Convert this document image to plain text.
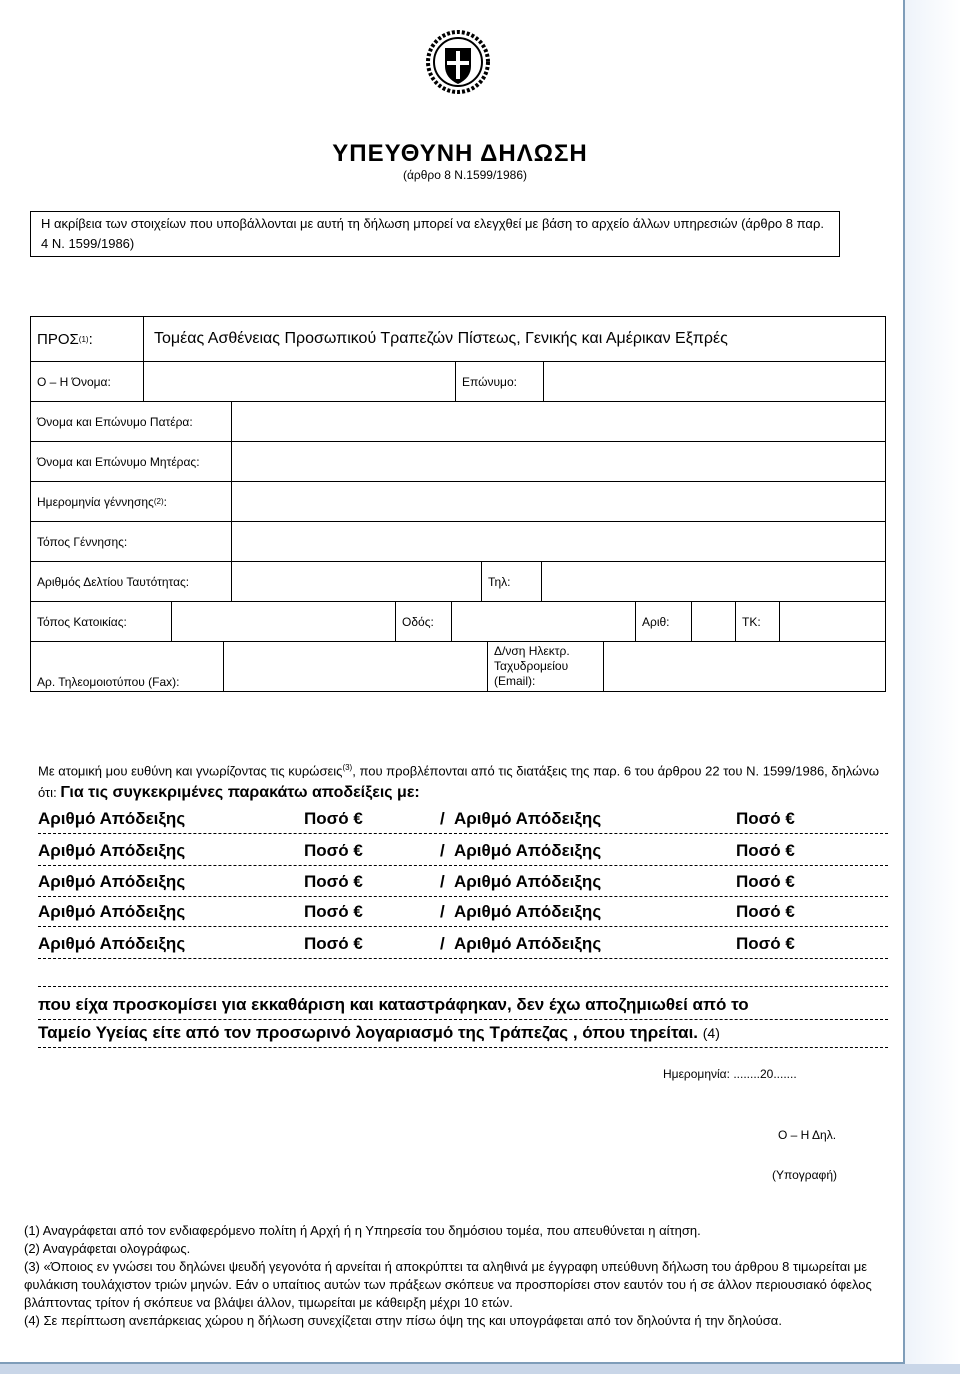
ΥΠΕΥΘΥΝΗ ΔΗΛΩΣΗ
(άρθρο 8 Ν.1599/1986)
Η ακρίβεια των στοιχείων που υποβάλλονται με αυτή τη δήλωση μπορεί να ελεγχθεί με βάση το αρχείο άλλων υπηρεσιών (άρθρο 8 παρ. 4 Ν. 1599/1986)
ΠΡΟΣ (1) :	Τομέας Ασθένειας Προσωπικού Τραπεζών Πίστεως, Γενικής και Αμέρικαν Εξπρές
Ο – Η Όνομα:	Επώνυμο:
Όνομα και Επώνυμο Πατέρα:
Όνομα και Επώνυμο Μητέρας:
Ημερομηνία γέννησης (2) :
Τόπος Γέννησης:
Αριθμός Δελτίου Ταυτότητας:	Τηλ:
Τόπος Κατοικίας:	Οδός:	Αριθ:	ΤΚ:
Αρ. Τηλεομοιοτύπου (Fax):
Δ/νση Ηλεκτρ.
Ταχυδρομείου
(Email):
Με ατομική μου ευθύνη και γνωρίζοντας τις κυρώσεις$^{(3)}$, που προβλέπονται από τις διατάξεις της παρ. 6 του άρθρου 22 του Ν. 1599/1986, δηλώνω ότι: Για τις συγκεκριμένες παρακάτω αποδείξεις με:
Αριθμό Απόδειξης	Ποσό €	/ Αριθμό Απόδειξης	Ποσό €
Αριθμό Απόδειξης	Ποσό €	/ Αριθμό Απόδειξης	Ποσό €
Αριθμό Απόδειξης	Ποσό €	/ Αριθμό Απόδειξης	Ποσό €
Αριθμό Απόδειξης	Ποσό €	/ Αριθμό Απόδειξης	Ποσό €
Αριθμό Απόδειξης	Ποσό €	/ Αριθμό Απόδειξης	Ποσό €
που είχα προσκομίσει για εκκαθάριση και καταστράφηκαν, δεν έχω αποζημιωθεί από το
Ταμείο Υγείας είτε από τον προσωρινό λογαριασμό της Τράπεζας , όπου τηρείται. (4)
Ημερομηνία: ........20.......
Ο – Η Δηλ.
(Υπογραφή)

(1) Αναγράφεται από τον ενδιαφερόμενο πολίτη ή Αρχή ή η Υπηρεσία του δημόσιου τομέα, που απευθύνεται η αίτηση.

(2) Αναγράφεται ολογράφως.

(3) «Όποιος εν γνώσει του δηλώνει ψευδή γεγονότα ή αρνείται ή αποκρύπτει τα αληθινά με έγγραφη υπεύθυνη δήλωση του άρθρου 8 τιμωρείται με φυλάκιση τουλάχιστον τριών μηνών. Εάν ο υπαίτιος αυτών των πράξεων σκόπευε να προσπορίσει στον εαυτόν του ή σε άλλον περιουσιακό όφελος βλάπτοντας τρίτον ή σκόπευε να βλάψει άλλον, τιμωρείται με κάθειρξη μέχρι 10 ετών.

(4) Σε περίπτωση ανεπάρκειας χώρου η δήλωση συνεχίζεται στην πίσω όψη της και υπογράφεται από τον δηλούντα ή την δηλούσα.
